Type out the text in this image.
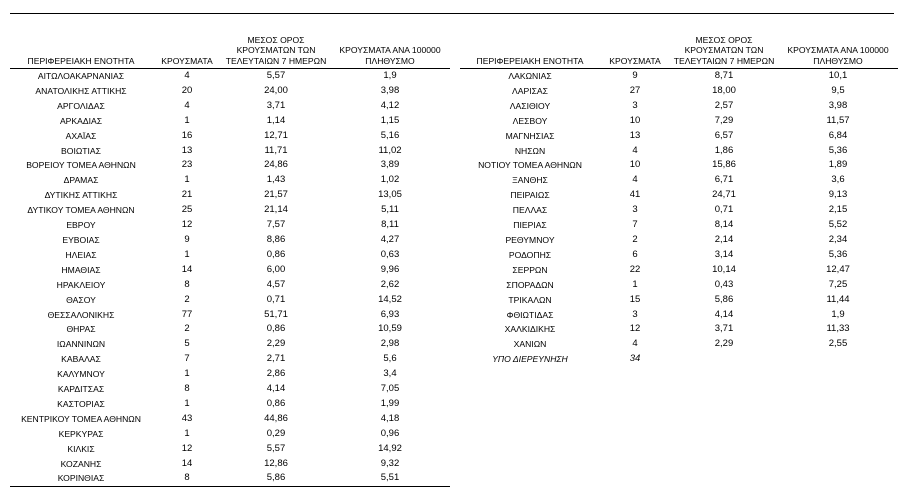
ΠΕΡΙΦΕΡΕΙΑΚΗ ΕΝΟΤΗΤΑ	ΚΡΟΥΣΜΑΤΑ	ΜΕΣΟΣ ΟΡΟΣ ΚΡΟΥΣΜΑΤΩΝ ΤΩΝ ΤΕΛΕΥΤΑΙΩΝ 7 ΗΜΕΡΩΝ	ΚΡΟΥΣΜΑΤΑ ΑΝΑ 100000 ΠΛΗΘΥΣΜΟ
ΑΙΤΩΛΟΑΚΑΡΝΑΝΙΑΣ	4	5,57	1,9
ΑΝΑΤΟΛΙΚΗΣ ΑΤΤΙΚΗΣ	20	24,00	3,98
ΑΡΓΟΛΙΔΑΣ	4	3,71	4,12
ΑΡΚΑΔΙΑΣ	1	1,14	1,15
ΑΧΑΪΑΣ	16	12,71	5,16
ΒΟΙΩΤΙΑΣ	13	11,71	11,02
ΒΟΡΕΙΟΥ ΤΟΜΕΑ ΑΘΗΝΩΝ	23	24,86	3,89
ΔΡΑΜΑΣ	1	1,43	1,02
ΔΥΤΙΚΗΣ ΑΤΤΙΚΗΣ	21	21,57	13,05
ΔΥΤΙΚΟΥ ΤΟΜΕΑ ΑΘΗΝΩΝ	25	21,14	5,11
ΕΒΡΟΥ	12	7,57	8,11
ΕΥΒΟΙΑΣ	9	8,86	4,27
ΗΛΕΙΑΣ	1	0,86	0,63
ΗΜΑΘΙΑΣ	14	6,00	9,96
ΗΡΑΚΛΕΙΟΥ	8	4,57	2,62
ΘΑΣΟΥ	2	0,71	14,52
ΘΕΣΣΑΛΟΝΙΚΗΣ	77	51,71	6,93
ΘΗΡΑΣ	2	0,86	10,59
ΙΩΑΝΝΙΝΩΝ	5	2,29	2,98
ΚΑΒΑΛΑΣ	7	2,71	5,6
ΚΑΛΥΜΝΟΥ	1	2,86	3,4
ΚΑΡΔΙΤΣΑΣ	8	4,14	7,05
ΚΑΣΤΟΡΙΑΣ	1	0,86	1,99
ΚΕΝΤΡΙΚΟΥ ΤΟΜΕΑ ΑΘΗΝΩΝ	43	44,86	4,18
ΚΕΡΚΥΡΑΣ	1	0,29	0,96
ΚΙΛΚΙΣ	12	5,57	14,92
ΚΟΖΑΝΗΣ	14	12,86	9,32
ΚΟΡΙΝΘΙΑΣ	8	5,86	5,51
ΠΕΡΙΦΕΡΕΙΑΚΗ ΕΝΟΤΗΤΑ	ΚΡΟΥΣΜΑΤΑ	ΜΕΣΟΣ ΟΡΟΣ ΚΡΟΥΣΜΑΤΩΝ ΤΩΝ ΤΕΛΕΥΤΑΙΩΝ 7 ΗΜΕΡΩΝ	ΚΡΟΥΣΜΑΤΑ ΑΝΑ 100000 ΠΛΗΘΥΣΜΟ
ΛΑΚΩΝΙΑΣ	9	8,71	10,1
ΛΑΡΙΣΑΣ	27	18,00	9,5
ΛΑΣΙΘΙΟΥ	3	2,57	3,98
ΛΕΣΒΟΥ	10	7,29	11,57
ΜΑΓΝΗΣΙΑΣ	13	6,57	6,84
ΝΗΣΩΝ	4	1,86	5,36
ΝΟΤΙΟΥ ΤΟΜΕΑ ΑΘΗΝΩΝ	10	15,86	1,89
ΞΑΝΘΗΣ	4	6,71	3,6
ΠΕΙΡΑΙΩΣ	41	24,71	9,13
ΠΕΛΛΑΣ	3	0,71	2,15
ΠΙΕΡΙΑΣ	7	8,14	5,52
ΡΕΘΥΜΝΟΥ	2	2,14	2,34
ΡΟΔΟΠΗΣ	6	3,14	5,36
ΣΕΡΡΩΝ	22	10,14	12,47
ΣΠΟΡΑΔΩΝ	1	0,43	7,25
ΤΡΙΚΑΛΩΝ	15	5,86	11,44
ΦΘΙΩΤΙΔΑΣ	3	4,14	1,9
ΧΑΛΚΙΔΙΚΗΣ	12	3,71	11,33
ΧΑΝΙΩΝ	4	2,29	2,55
ΥΠΟ ΔΙΕΡΕΥΝΗΣΗ	34		
